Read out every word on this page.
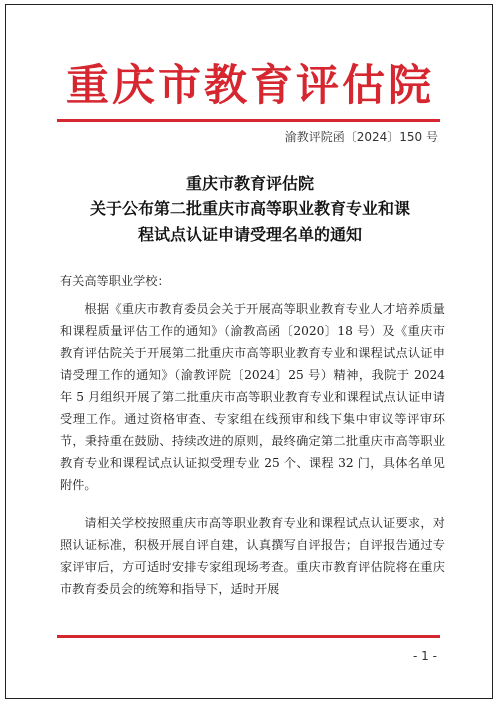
重庆市教育评估院
渝教评院函〔2024〕150 号
重庆市教育评估院
关于公布第二批重庆市高等职业教育专业和课
程试点认证申请受理名单的通知
有关高等职业学校：
根据《重庆市教育委员会关于开展高等职业教育专业人才培养质量和课程质量评估工作的通知》（渝教高函〔2020〕18 号）及《重庆市教育评估院关于开展第二批重庆市高等职业教育专业和课程试点认证申请受理工作的通知》（渝教评院〔2024〕25 号）精神，我院于 2024 年 5 月组织开展了第二批重庆市高等职业教育专业和课程试点认证申请受理工作。通过资格审查、专家组在线预审和线下集中审议等评审环节，秉持重在鼓励、持续改进的原则，最终确定第二批重庆市高等职业教育专业和课程试点认证拟受理专业 25 个、课程 32 门，具体名单见附件。
请相关学校按照重庆市高等职业教育专业和课程试点认证要求，对照认证标准，积极开展自评自建，认真撰写自评报告；自评报告通过专家评审后，方可适时安排专家组现场考查。重庆市教育评估院将在重庆市教育委员会的统筹和指导下，适时开展
- 1 -
